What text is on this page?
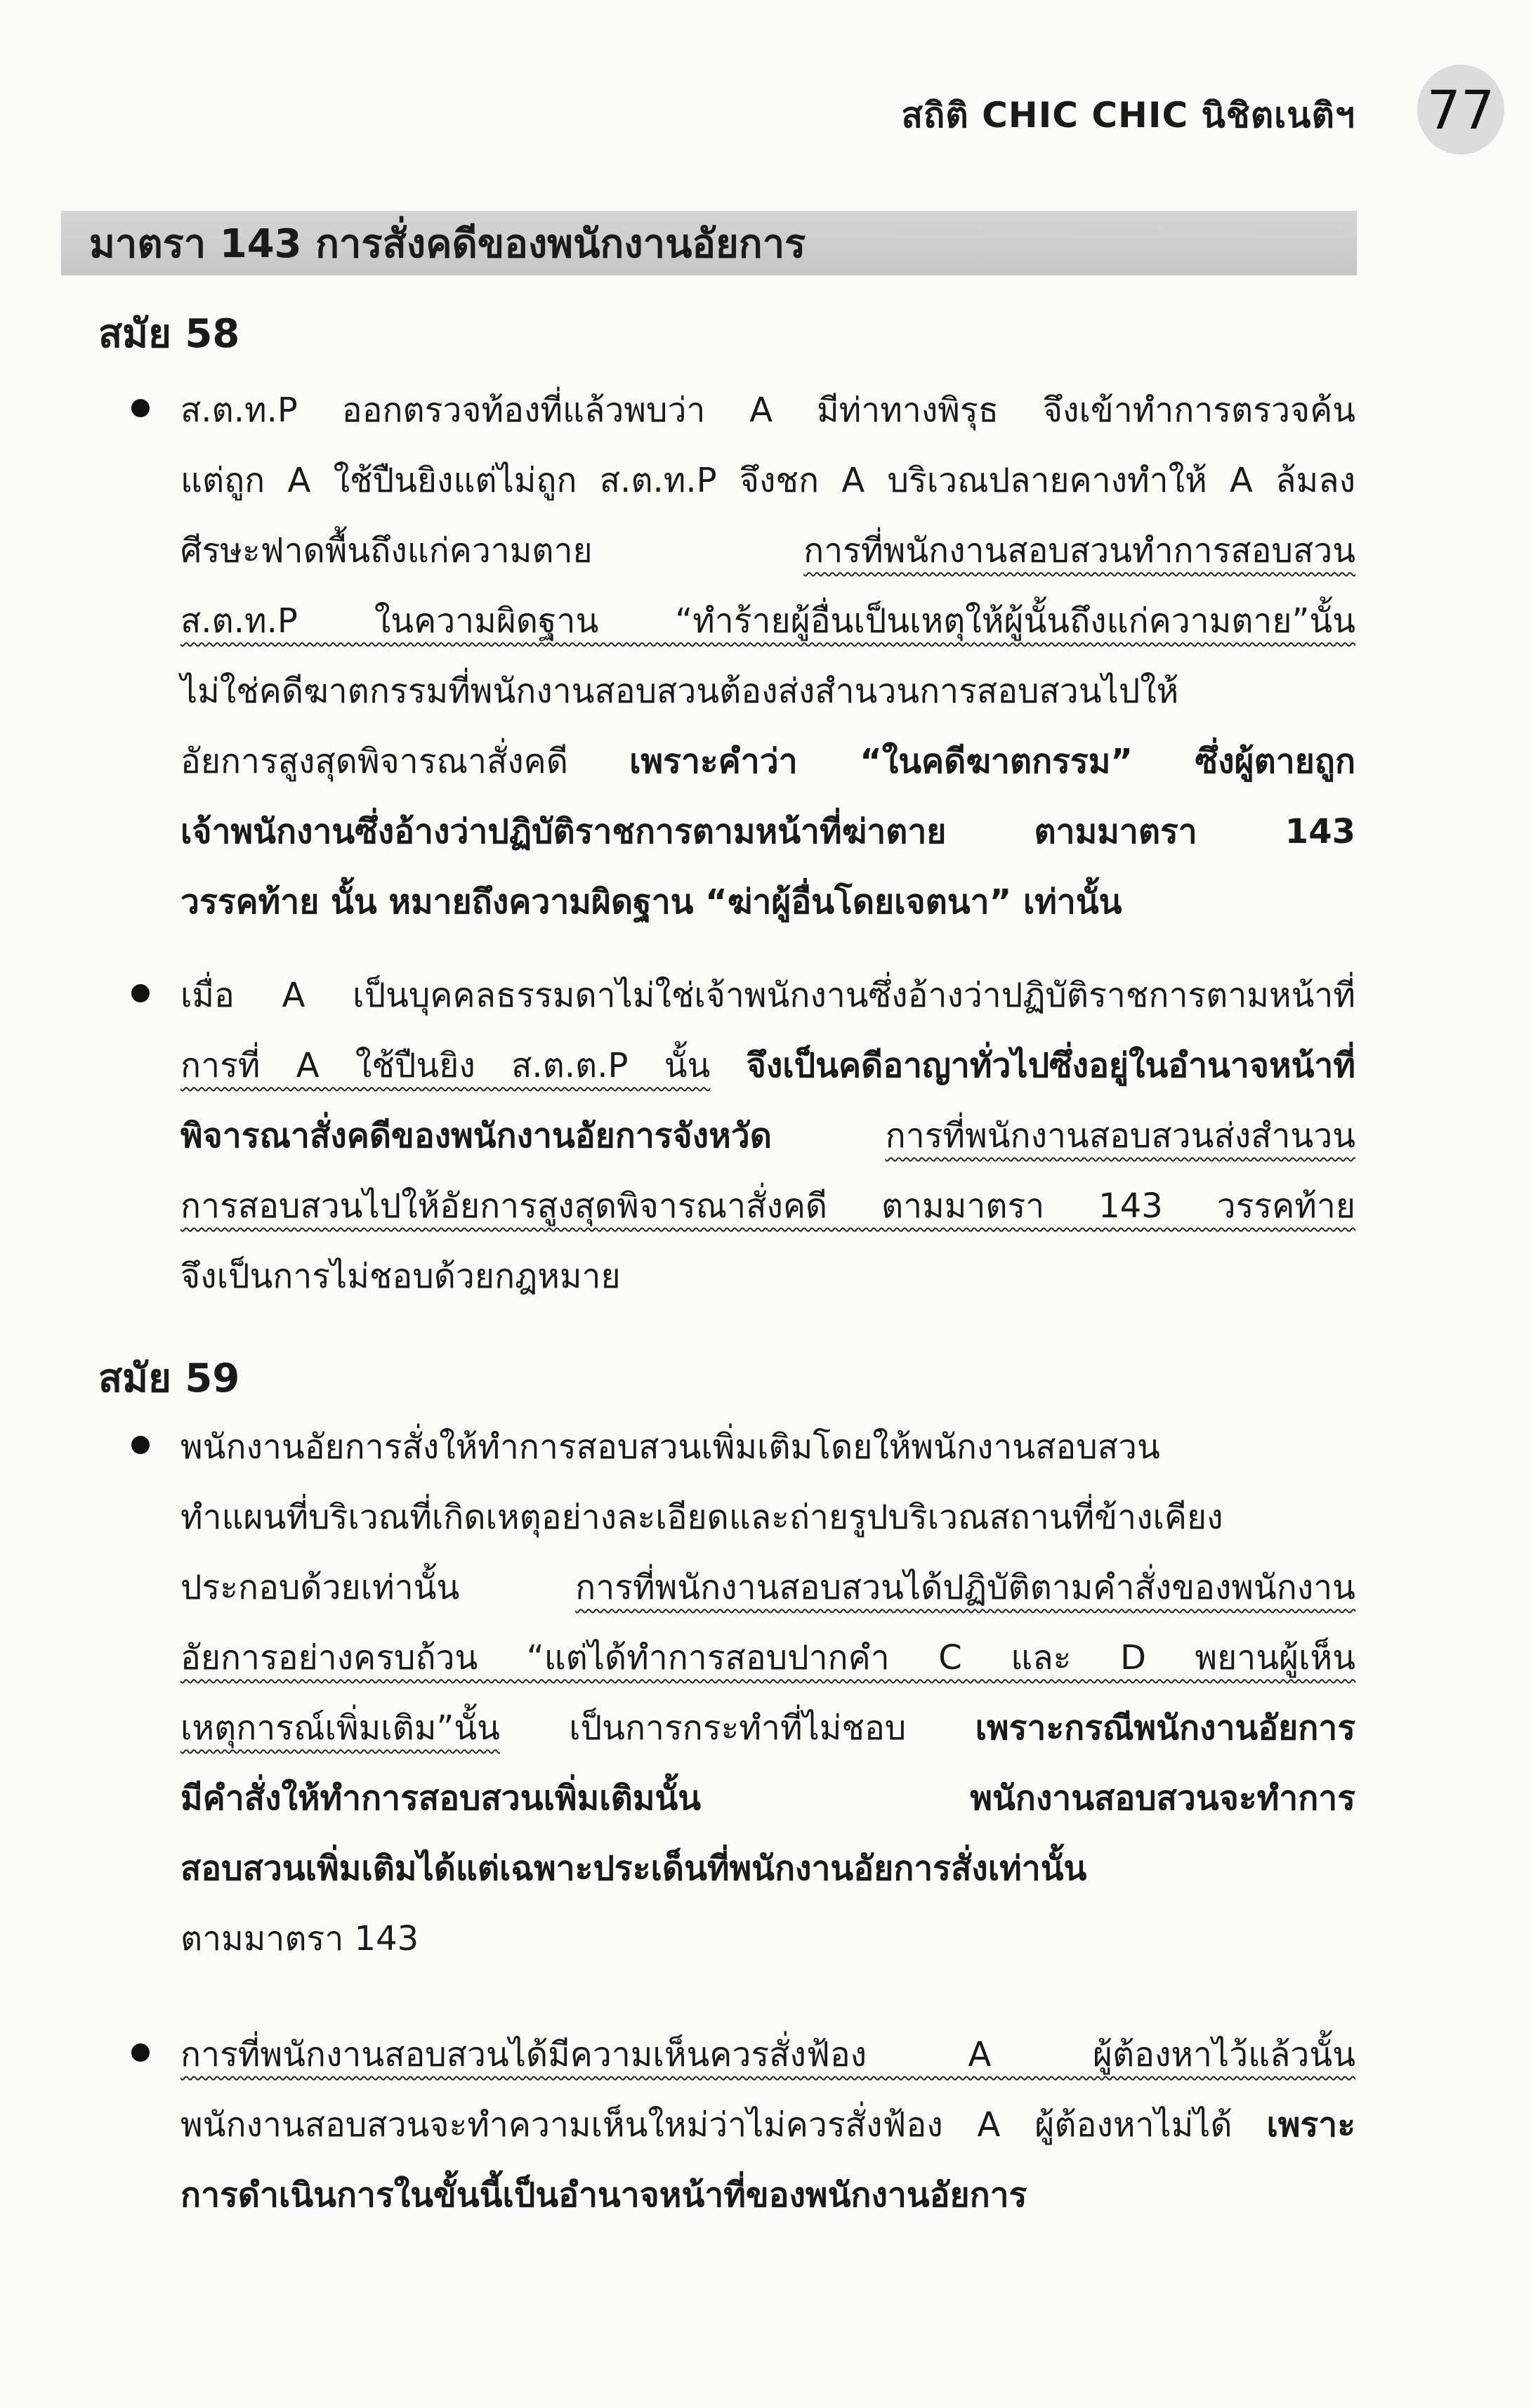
สถิติ CHIC CHIC นิชิตเนติฯ 77
มาตรา 143 การสั่งคดีของพนักงานอัยการ
สมัย 58
ส.ต.ท.P ออกตรวจท้องที่แล้วพบว่า A มีท่าทางพิรุธ จึงเข้าทำการตรวจค้น
แต่ถูก A ใช้ปืนยิงแต่ไม่ถูก ส.ต.ท.P จึงชก A บริเวณปลายคางทำให้ A ล้มลง
ศีรษะฟาดพื้นถึงแก่ความตาย การที่พนักงานสอบสวนทำการสอบสวน
ส.ต.ท.P ในความผิดฐาน “ทำร้ายผู้อื่นเป็นเหตุให้ผู้นั้นถึงแก่ความตาย”นั้น
ไม่ใช่คดีฆาตกรรมที่พนักงานสอบสวนต้องส่งสำนวนการสอบสวนไปให้
อัยการสูงสุดพิจารณาสั่งคดี เพราะคำว่า “ในคดีฆาตกรรม” ซึ่งผู้ตายถูก
เจ้าพนักงานซึ่งอ้างว่าปฏิบัติราชการตามหน้าที่ฆ่าตาย ตามมาตรา 143
วรรคท้าย นั้น หมายถึงความผิดฐาน “ฆ่าผู้อื่นโดยเจตนา” เท่านั้น
เมื่อ A เป็นบุคคลธรรมดาไม่ใช่เจ้าพนักงานซึ่งอ้างว่าปฏิบัติราชการตามหน้าที่
การที่ A ใช้ปืนยิง ส.ต.ต.P นั้น จึงเป็นคดีอาญาทั่วไปซึ่งอยู่ในอำนาจหน้าที่
พิจารณาสั่งคดีของพนักงานอัยการจังหวัด	การที่พนักงานสอบสวนส่งสำนวน
การสอบสวนไปให้อัยการสูงสุดพิจารณาสั่งคดี ตามมาตรา 143 วรรคท้าย
จึงเป็นการไม่ชอบด้วยกฎหมาย
สมัย 59
พนักงานอัยการสั่งให้ทำการสอบสวนเพิ่มเติมโดยให้พนักงานสอบสวน
ทำแผนที่บริเวณที่เกิดเหตุอย่างละเอียดและถ่ายรูปบริเวณสถานที่ข้างเคียง
ประกอบด้วยเท่านั้น การที่พนักงานสอบสวนได้ปฏิบัติตามคำสั่งของพนักงาน
อัยการอย่างครบถ้วน “แต่ได้ทำการสอบปากคำ C และ D พยานผู้เห็น
เหตุการณ์เพิ่มเติม”นั้น เป็นการกระทำที่ไม่ชอบ เพราะกรณีพนักงานอัยการ
มีคำสั่งให้ทำการสอบสวนเพิ่มเติมนั้น พนักงานสอบสวนจะทำการ
สอบสวนเพิ่มเติมได้แต่เฉพาะประเด็นที่พนักงานอัยการสั่งเท่านั้น
ตามมาตรา 143
การที่พนักงานสอบสวนได้มีความเห็นควรสั่งฟ้อง A ผู้ต้องหาไว้แล้วนั้น
พนักงานสอบสวนจะทำความเห็นใหม่ว่าไม่ควรสั่งฟ้อง A ผู้ต้องหาไม่ได้ เพราะ
การดำเนินการในขั้นนี้เป็นอำนาจหน้าที่ของพนักงานอัยการ
